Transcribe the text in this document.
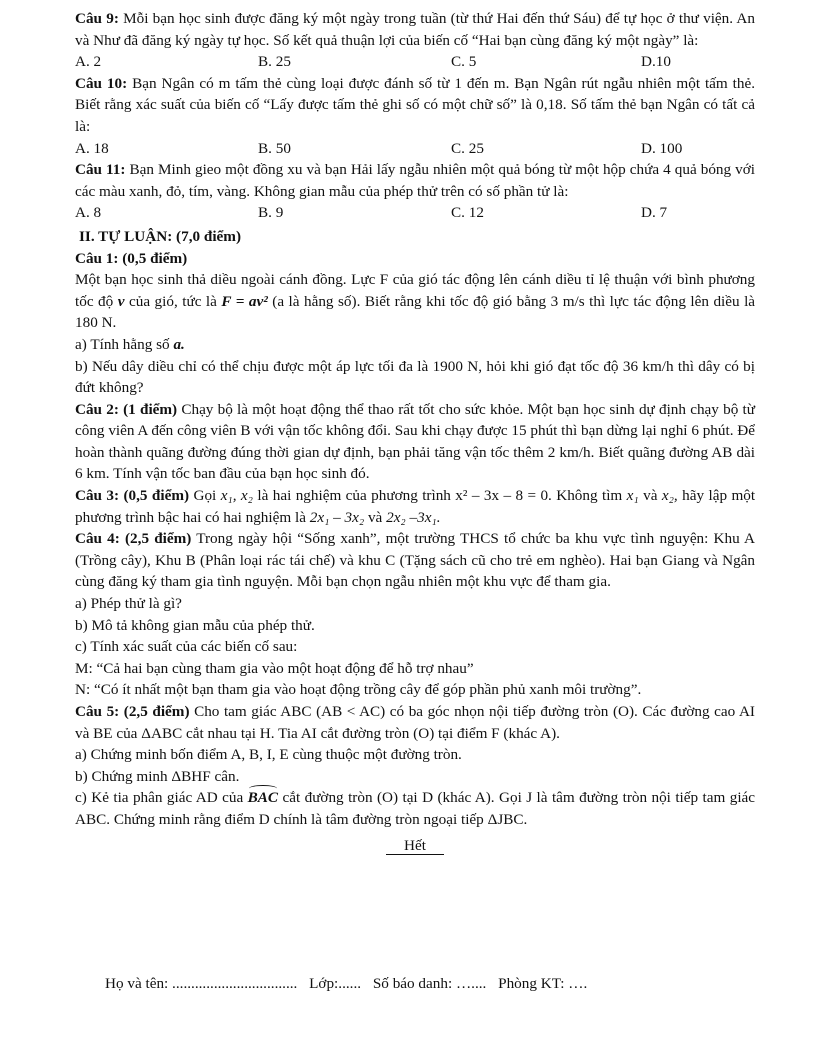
Câu 9: Mỗi bạn học sinh được đăng ký một ngày trong tuần (từ thứ Hai đến thứ Sáu) để tự học ở thư viện. An và Như đã đăng ký ngày tự học. Số kết quả thuận lợi của biến cố “Hai bạn cùng đăng ký một ngày” là:

A. 2	B. 25	C. 5	D.10

Câu 10: Bạn Ngân có m tấm thẻ cùng loại được đánh số từ 1 đến m. Bạn Ngân rút ngẫu nhiên một tấm thẻ. Biết rằng xác suất của biến cố “Lấy được tấm thẻ ghi số có một chữ số” là 0,18. Số tấm thẻ bạn Ngân có tất cả là:

A. 18	B. 50	C. 25	D. 100

Câu 11: Bạn Minh gieo một đồng xu và bạn Hải lấy ngẫu nhiên một quả bóng từ một hộp chứa 4 quả bóng với các màu xanh, đỏ, tím, vàng. Không gian mẫu của phép thử trên có số phần tử là:

A. 8	B. 9	C. 12	D. 7
II. TỰ LUẬN: (7,0 điểm)

Câu 1: (0,5 điểm)

Một bạn học sinh thả diều ngoài cánh đồng. Lực F của gió tác động lên cánh diều tỉ lệ thuận với bình phương tốc độ v của gió, tức là F = av² (a là hằng số). Biết rằng khi tốc độ gió bằng 3 m/s thì lực tác động lên diều là 180 N.

a) Tính hằng số a.

b) Nếu dây diều chỉ có thể chịu được một áp lực tối đa là 1900 N, hỏi khi gió đạt tốc độ 36 km/h thì dây có bị đứt không?

Câu 2: (1 điểm) Chạy bộ là một hoạt động thể thao rất tốt cho sức khỏe. Một bạn học sinh dự định chạy bộ từ công viên A đến công viên B với vận tốc không đổi. Sau khi chạy được 15 phút thì bạn dừng lại nghỉ 6 phút. Để hoàn thành quãng đường đúng thời gian dự định, bạn phải tăng vận tốc thêm 2 km/h. Biết quãng đường AB dài 6 km. Tính vận tốc ban đầu của bạn học sinh đó.

Câu 3: (0,5 điểm) Gọi x₁, x₂ là hai nghiệm của phương trình x² – 3x – 8 = 0. Không tìm x₁ và x₂, hãy lập một phương trình bậc hai có hai nghiệm là 2x₁ – 3x₂ và 2x₂ –3x₁.

Câu 4: (2,5 điểm) Trong ngày hội “Sống xanh”, một trường THCS tổ chức ba khu vực tình nguyện: Khu A (Trồng cây), Khu B (Phân loại rác tái chế) và khu C (Tặng sách cũ cho trẻ em nghèo). Hai bạn Giang và Ngân cùng đăng ký tham gia tình nguyện. Mỗi bạn chọn ngẫu nhiên một khu vực để tham gia.

a) Phép thử là gì?

b) Mô tả không gian mẫu của phép thử.

c) Tính xác suất của các biến cố sau:

M: “Cả hai bạn cùng tham gia vào một hoạt động để hỗ trợ nhau”

N: “Có ít nhất một bạn tham gia vào hoạt động trồng cây để góp phần phủ xanh môi trường”.

Câu 5: (2,5 điểm) Cho tam giác ABC (AB < AC) có ba góc nhọn nội tiếp đường tròn (O). Các đường cao AI và BE của ΔABC cắt nhau tại H. Tia AI cắt đường tròn (O) tại điểm F (khác A).

a) Chứng minh bốn điểm A, B, I, E cùng thuộc một đường tròn.

b) Chứng minh ΔBHF cân.

c) Kẻ tia phân giác AD của BAC cắt đường tròn (O) tại D (khác A). Gọi J là tâm đường tròn nội tiếp tam giác ABC. Chứng minh rằng điểm D chính là tâm đường tròn ngoại tiếp ΔJBC.

Hết
Họ và tên: ................................. Lớp:...... Số báo danh: ….... Phòng KT: ….
